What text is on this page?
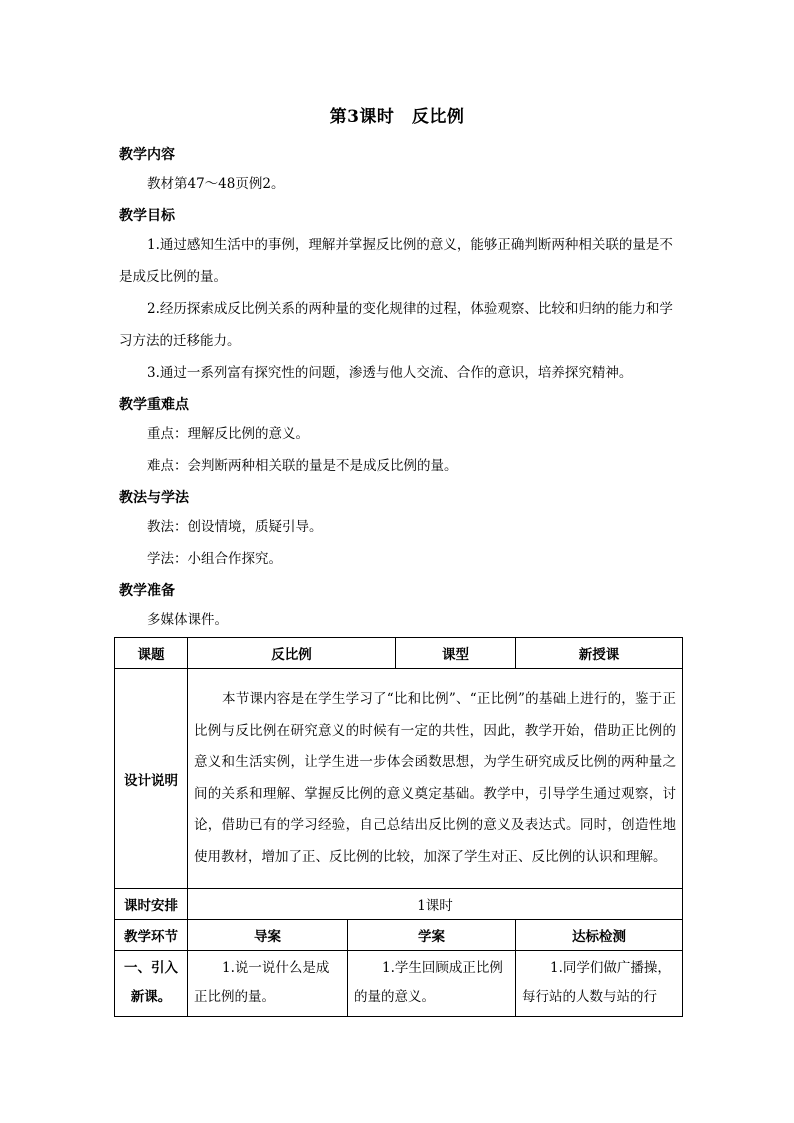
第3课时　反比例
教学内容
教材第47～48页例2。
教学目标
1.通过感知生活中的事例，理解并掌握反比例的意义，能够正确判断两种相关联的量是不是成反比例的量。
2.经历探索成反比例关系的两种量的变化规律的过程，体验观察、比较和归纳的能力和学习方法的迁移能力。
3.通过一系列富有探究性的问题，渗透与他人交流、合作的意识，培养探究精神。
教学重难点
重点：理解反比例的意义。
难点：会判断两种相关联的量是不是成反比例的量。
教法与学法
教法：创设情境，质疑引导。
学法：小组合作探究。
教学准备
多媒体课件。
课题	反比例		课型	新授课
设计说明	本节课内容是在学生学习了“比和比例”、“正比例”的基础上进行的，鉴于正比例与反比例在研究意义的时候有一定的共性，因此，教学开始，借助正比例的意义和生活实例，让学生进一步体会函数思想，为学生研究成反比例的两种量之间的关系和理解、掌握反比例的意义奠定基础。教学中，引导学生通过观察，讨论，借助已有的学习经验，自己总结出反比例的意义及表达式。同时，创造性地使用教材，增加了正、反比例的比较，加深了学生对正、反比例的认识和理解。			
课时安排	1课时			
教学环节	导案	学案		达标检测
一、引入新课。	1.说一说什么是成正比例的量。	1.学生回顾成正比例的量的意义。		1.同学们做广播操，每行站的人数与站的行
